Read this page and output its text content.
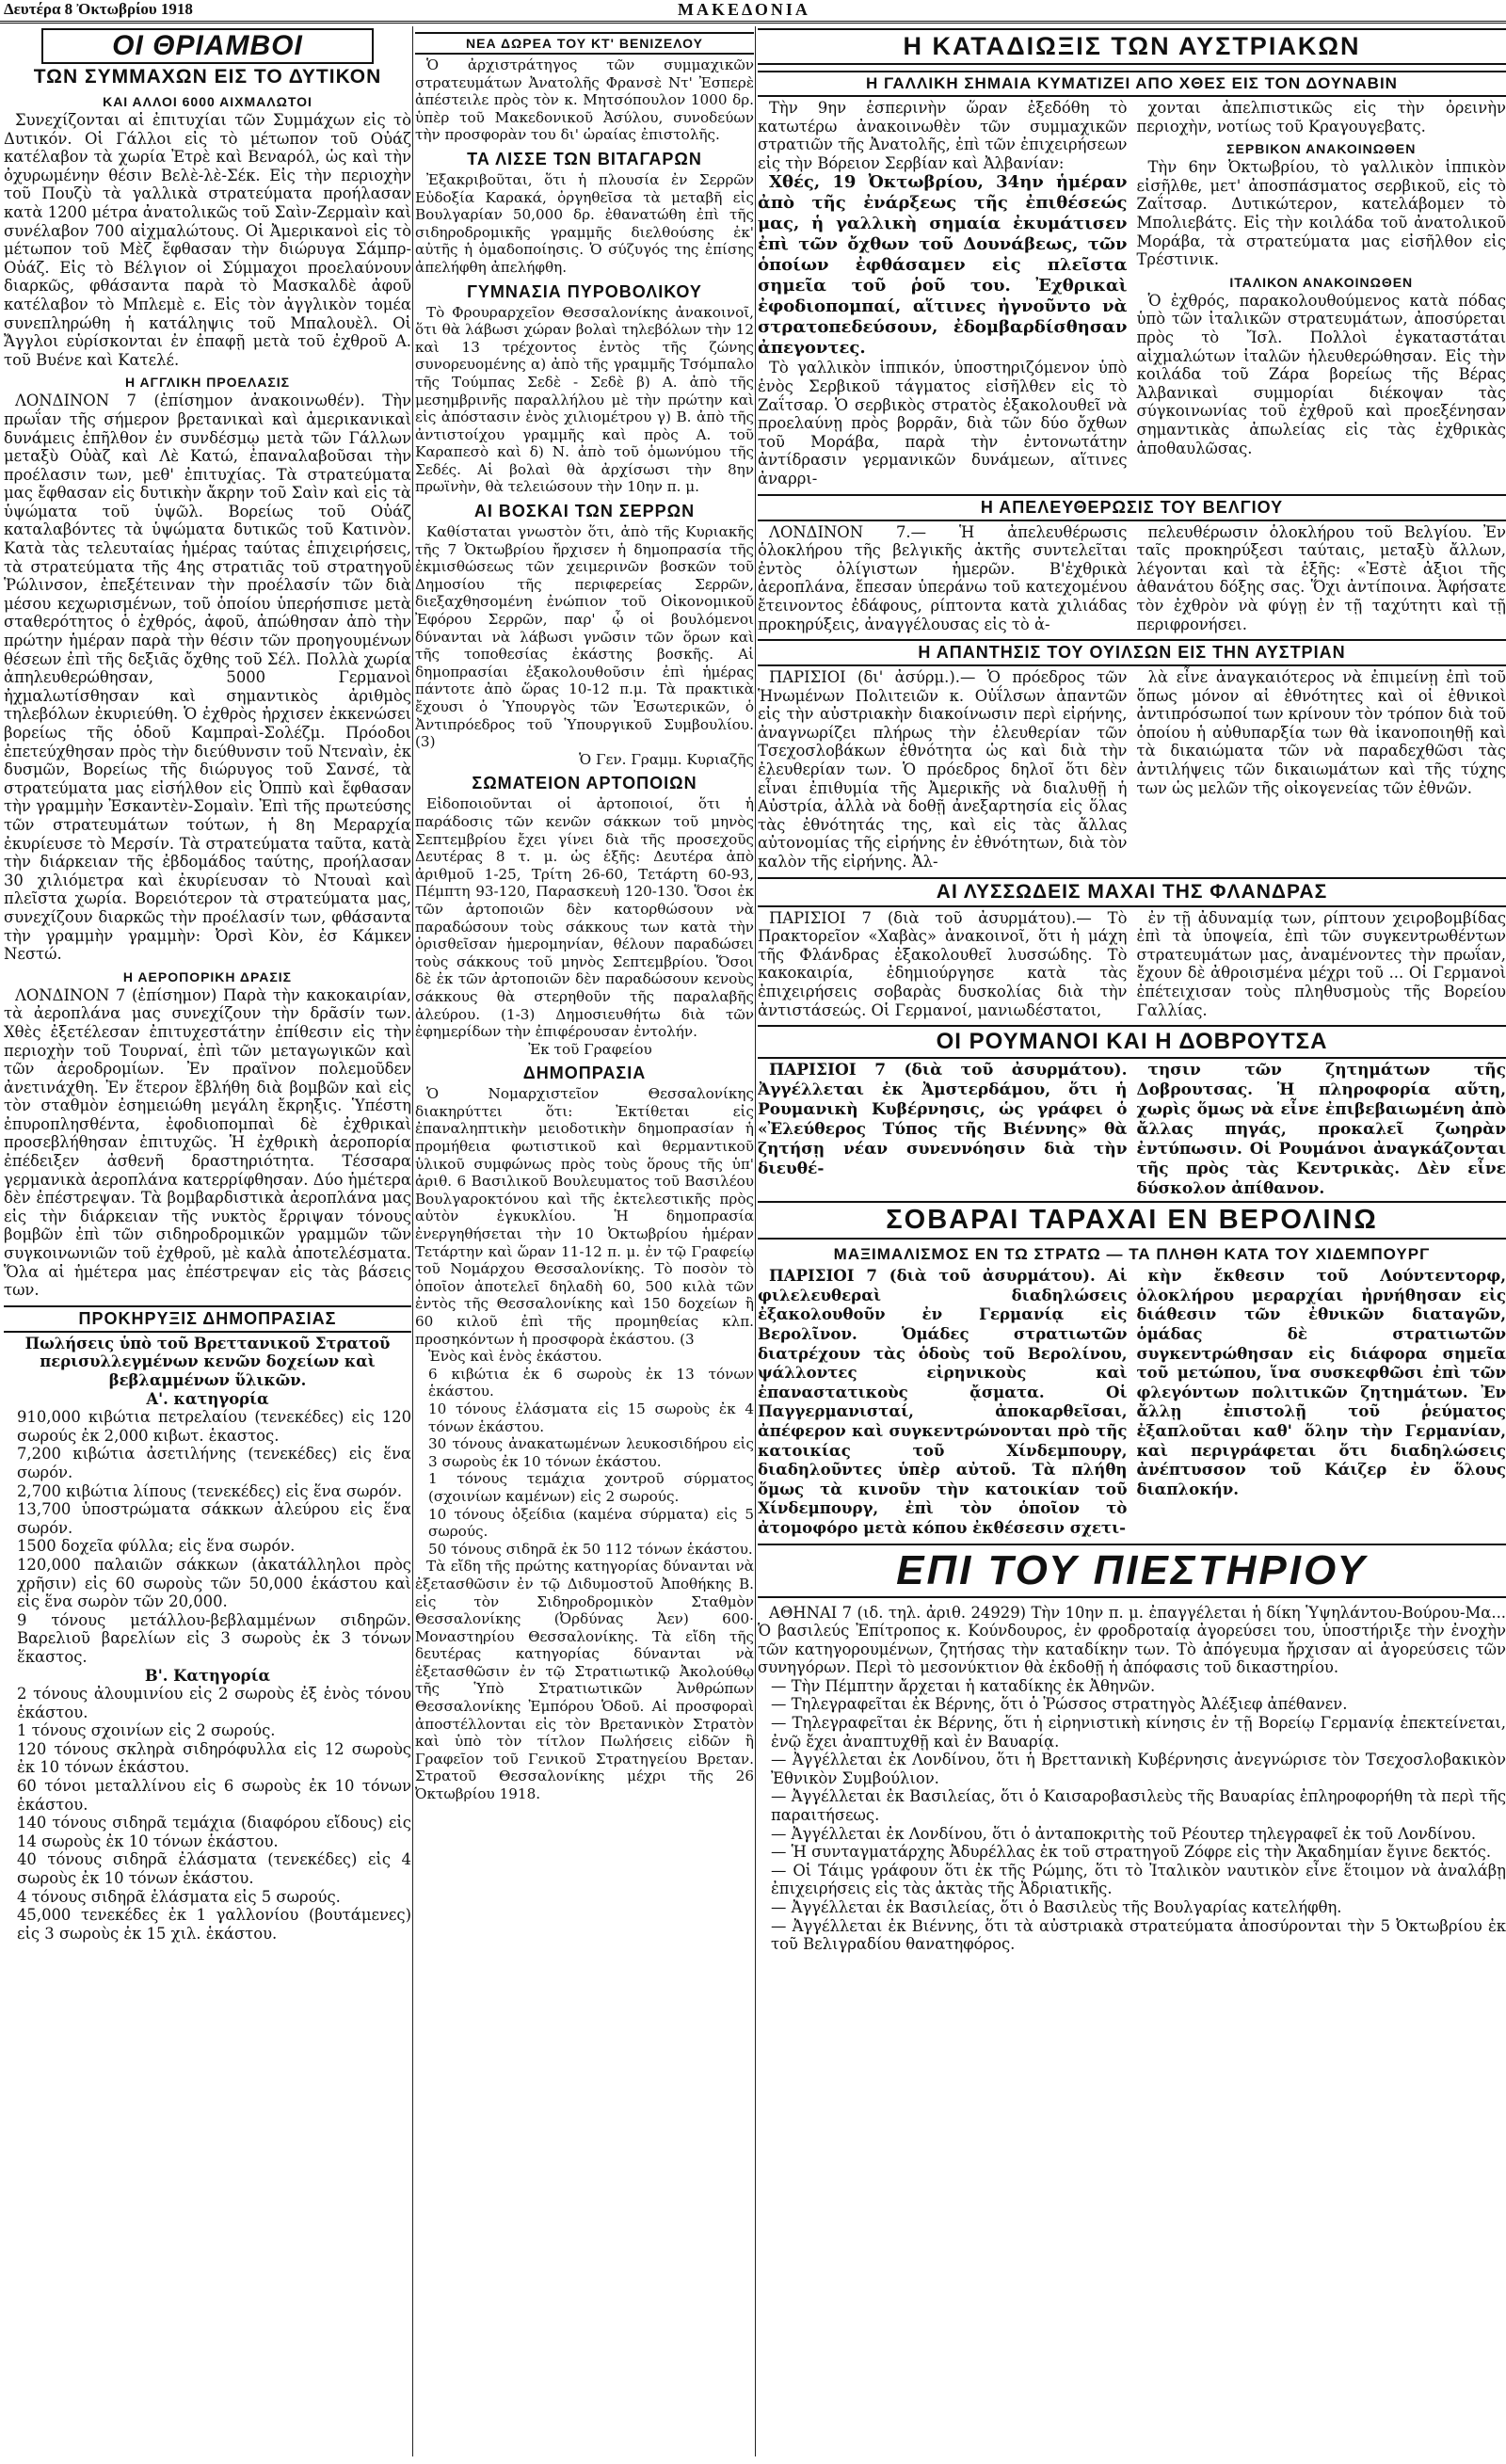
Δευτέρα 8 Ὀκτωβρίου 1918	ΜΑΚΕΔΟΝΙΑ
ΟΙ ΘΡΙΑΜΒΟΙ
ΤΩΝ ΣΥΜΜΑΧΩΝ ΕΙΣ ΤΟ ΔΥΤΙΚΟΝ
ΚΑΙ ΑΛΛΟΙ 6000 ΑΙΧΜΑΛΩΤΟΙ

Συνεχίζονται αἱ ἐπιτυχίαι τῶν Συμμάχων εἰς τὸ Δυτικόν. Οἱ Γάλλοι εἰς τὸ μέτωπον τοῦ Οὐάζ κατέλαβον τὰ χωρία Ἐτρὲ καὶ Βεναρόλ, ὡς καὶ τὴν ὀχυρωμένην θέσιν Βελὲ-λὲ-Σέκ. Εἰς τὴν περιοχὴν τοῦ Πουζὺ τὰ γαλλικὰ στρατεύματα προήλασαν κατὰ 1200 μέτρα ἀνατολικῶς τοῦ Σαὶν-Ζερμαὶν καὶ συνέλαβον 700 αἰχμαλώτους. Οἱ Ἀμερικανοὶ εἰς τὸ μέτωπον τοῦ Μὲζ ἔφθασαν τὴν διώρυγα Σάμπρ-Οὐάζ. Εἰς τὸ Βέλγιον οἱ Σύμμαχοι προελαύνουν διαρκῶς, φθάσαντα παρὰ τὸ Μασκαλδὲ ἀφοῦ κατέλαβον τὸ Μπλεμὲ ε. Εἰς τὸν ἀγγλικὸν τομέα συνεπληρώθη ἡ κατάληψις τοῦ Μπαλουὲλ. Οἱ Ἄγγλοι εὑρίσκονται ἐν ἐπαφῇ μετὰ τοῦ ἐχθροῦ Α. τοῦ Βυένε καὶ Κατελέ.

Η ΑΓΓΛΙΚΗ ΠΡΟΕΛΑΣΙΣ

ΛΟΝΔΙΝΟΝ 7 (ἐπίσημον ἀνακοινωθέν). Τὴν πρωΐαν τῆς σήμερον βρετανικαὶ καὶ ἀμερικανικαὶ δυνάμεις ἐπῆλθον ἐν συνδέσμῳ μετὰ τῶν Γάλλων μεταξὺ Οὐὰζ καὶ Λὲ Κατώ, ἐπαναλαβοῦσαι τὴν προέλασιν των, μεθ' ἐπιτυχίας. Τὰ στρατεύματα μας ἔφθασαν εἰς δυτικὴν ἄκρην τοῦ Σαὶν καὶ εἰς τὰ ὑψώματα τοῦ ὑψῶλ. Βορείως τοῦ Οὐάζ καταλαβόντες τὰ ὑψώματα δυτικῶς τοῦ Κατινὸν. Κατὰ τὰς τελευταίας ἡμέρας ταύτας ἐπιχειρήσεις, τὰ στρατεύματα τῆς 4ης στρατιᾶς τοῦ στρατηγοῦ Ῥώλινσον, ἐπεξέτειναν τὴν προέλασίν τῶν διὰ μέσου κεχωρισμένων, τοῦ ὁποίου ὑπερήσπισε μετὰ σταθερότητος ὁ ἐχθρός, ἀφοῦ, ἀπώθησαν ἀπὸ τὴν πρώτην ἡμέραν παρὰ τὴν θέσιν τῶν προηγουμένων θέσεων ἐπὶ τῆς δεξιᾶς ὄχθης τοῦ Σέλ. Πολλὰ χωρία ἀπηλευθερώθησαν, 5000 Γερμανοὶ ἠχμαλωτίσθησαν καὶ σημαντικὸς ἀριθμὸς τηλεβόλων ἐκυριεύθη. Ὁ ἐχθρὸς ἠρχισεν ἐκκενώσει βορείως τῆς ὁδοῦ Καμπραὶ-Σολέζμ. Πρόοδοι ἐπετεύχθησαν πρὸς τὴν διεύθυνσιν τοῦ Ντεναὶν, ἐκ δυσμῶν, Βορείως τῆς διώρυγος τοῦ Σανσέ, τὰ στρατεύματα μας εἰσήλθον εἰς Ὀππὺ καὶ ἔφθασαν τὴν γραμμὴν Ἐσκαντὲν-Σομαὶν. Ἐπὶ τῆς πρωτεύσης τῶν στρατευμάτων τούτων, ἡ 8η Μεραρχία ἐκυρίευσε τὸ Μερσίν. Τὰ στρατεύματα ταῦτα, κατὰ τὴν διάρκειαν τῆς ἐβδομάδος ταύτης, προήλασαν 30 χιλιόμετρα καὶ ἐκυρίευσαν τὸ Ντουαὶ καὶ πλεῖστα χωρία. Βορειότερον τὰ στρατεύματα μας, συνεχίζουν διαρκῶς τὴν προέλασίν των, φθάσαντα τὴν γραμμὴν γραμμὴν: Ὀρσὶ Κὸν, ἐσ Κάμκεν Νεστώ.

Η ΑΕΡΟΠΟΡΙΚΗ ΔΡΑΣΙΣ

ΛΟΝΔΙΝΟΝ 7 (ἐπίσημον) Παρὰ τὴν κακοκαιρίαν, τὰ ἀεροπλάνα μας συνεχίζουν τὴν δρᾶσίν των. Χθὲς ἐξετέλεσαν ἐπιτυχεστάτην ἐπίθεσιν εἰς τὴν περιοχὴν τοῦ Τουρναί, ἐπὶ τῶν μεταγωγικῶν καὶ τῶν ἀεροδρομίων. Ἐν πραϊνον πολεμοῦδεν ἀνετινάχθη. Ἐν ἕτερον ἔβλήθη διὰ βομβῶν καὶ εἰς τὸν σταθμὸν ἐσημειώθη μεγάλη ἔκρηξις. Ὑπέστη ἐπυροπλησθέντα, ἐφοδιοπομπαὶ δὲ ἐχθρικαὶ προσεβλήθησαν ἐπιτυχῶς. Ἡ ἐχθρικὴ ἀεροπορία ἐπέδειξεν ἀσθενῆ δραστηριότητα. Τέσσαρα γερμανικὰ ἀεροπλάνα κατερρίφθησαν. Δύο ἡμέτερα δὲν ἐπέστρεψαν. Τὰ βομβαρδιστικὰ ἀεροπλάνα μας εἰς τὴν διάρκειαν τῆς νυκτὸς ἔρριψαν τόνους βομβῶν ἐπὶ τῶν σιδηροδρομικῶν γραμμῶν τῶν συγκοινωνιῶν τοῦ ἐχθροῦ, μὲ καλὰ ἀποτελέσματα. Ὅλα αἱ ἡμέτερα μας ἐπέστρεψαν εἰς τὰς βάσεις των.

ΠΡΟΚΗΡΥΞΙΣ ΔΗΜΟΠΡΑΣΙΑΣ

Πωλήσεις ὑπὸ τοῦ Βρεττανικοῦ Στρατοῦ περισυλλεγμένων κενῶν δοχείων καὶ βεβλαμμένων ὕλικῶν.

Α'. κατηγορία

910,000 κιβώτια πετρελαίου (τενεκέδες) εἰς 120 σωρούς ἐκ 2,000 κιβωτ. ἑκαστος.

7,200 κιβώτια ἀσετιλήνης (τενεκέδες) εἰς ἕνα σωρόν.

2,700 κιβώτια λίπους (τενεκέδες) εἰς ἕνα σωρόν.

13,700 ὑποστρώματα σάκκων ἀλεύρου εἰς ἕνα σωρόν.

1500 δοχεῖα φύλλα; εἰς ἕνα σωρόν.

120,000 παλαιῶν σάκκων (ἀκατάλληλοι πρὸς χρῆσιν) εἰς 60 σωροὺς τῶν 50,000 ἑκάστου καὶ εἰς ἕνα σωρὸν τῶν 20,000.

9 τόνους μετάλλου-βεβλαμμένων σιδηρῶν. Βαρελιοῦ βαρελίων εἰς 3 σωροὺς ἐκ 3 τόνων ἕκαστος.

Β'. Κατηγορία

2 τόνους ἀλουμινίου εἰς 2 σωροὺς ἐξ ἑνὸς τόνου ἑκάστου.

1 τόνους σχοινίων εἰς 2 σωρούς.

120 τόνους σκληρὰ σιδηρόφυλλα εἰς 12 σωροὺς ἐκ 10 τόνων ἑκάστου.

60 τόνοι μεταλλίνου εἰς 6 σωροὺς ἐκ 10 τόνων ἑκάστου.

140 τόνους σιδηρᾶ τεμάχια (διαφόρου εἴδους) εἰς 14 σωροὺς ἐκ 10 τόνων ἑκάστου.

40 τόνους σιδηρᾶ ἐλάσματα (τενεκέδες) εἰς 4 σωροὺς ἐκ 10 τόνων ἑκάστου.

4 τόνους σιδηρᾶ ἐλάσματα εἰς 5 σωρούς.

45,000 τενεκέδες ἐκ 1 γαλλονίου (βουτάμενες) εἰς 3 σωροὺς ἐκ 15 χιλ. ἑκάστου.

ΝΕΑ ΔΩΡΕΑ ΤΟΥ ΚΤ' ΒΕΝΙΖΕΛΟΥ

Ὁ ἀρχιστράτηγος τῶν συμμαχικῶν στρατευμάτων Ἀνατολῆς Φρανσὲ Ντ' Ἐσπερὲ ἀπέστειλε πρὸς τὸν κ. Μητσόπουλον 1000 δρ. ὑπὲρ τοῦ Μακεδονικοῦ Ἀσύλου, συνοδεύων τὴν προσφορὰν του δι' ὡραίας ἐπιστολῆς.

ΤΑ ΛΙΣΣΕ ΤΩΝ ΒΙΤΑΓΑΡΩΝ

Ἐξακριβοῦται, ὅτι ἡ πλουσία ἐν Σερρῶν Εὐδοξία Καρακά, ὀργηθεῖσα τὰ μεταβῆ εἰς Βουλγαρίαν 50,000 δρ. ἐθανατώθη ἐπὶ τῆς σιδηροδρομικῆς γραμμῆς διελθούσης ἐκ' αὐτῆς ἡ ὁμαδοποίησις. Ὁ σύζυγός της ἐπίσης ἀπελήφθη ἀπελήφθη.

ΓΥΜΝΑΣΙΑ ΠΥΡΟΒΟΛΙΚΟΥ

Τὸ Φρουραρχεῖον Θεσσαλονίκης ἀνακοινοῖ, ὅτι θὰ λάβωσι χώραν βολαὶ τηλεβόλων τὴν 12 καὶ 13 τρέχοντος ἐντὸς τῆς ζώνης συνορευομένης α) ἀπὸ τῆς γραμμῆς Τσόμπαλο τῆς Τούμπας Σεδὲ - Σεδὲ β) Α. ἀπὸ τῆς μεσημβρινῆς παραλλήλου μὲ τὴν πρώτην καὶ εἰς ἀπόστασιν ἐνὸς χιλιομέτρου γ) Β. ἀπὸ τῆς ἀντιστοίχου γραμμῆς καὶ πρὸς Α. τοῦ Καραπεσὸ καὶ δ) Ν. ἀπὸ τοῦ ὁμωνύμου τῆς Σεδές. Αἱ βολαὶ θὰ ἀρχίσωσι τὴν 8ην πρωϊνὴν, θὰ τελειώσουν τὴν 10ην π. μ.

ΑΙ ΒΟΣΚΑΙ ΤΩΝ ΣΕΡΡΩΝ

Καθίσταται γνωστὸν ὅτι, ἀπὸ τῆς Κυριακῆς τῆς 7 Ὀκτωβρίου ἤρχισεν ἡ δημοπρασία τῆς ἐκμισθώσεως τῶν χειμερινῶν βοσκῶν τοῦ Δημοσίου τῆς περιφερείας Σερρῶν, διεξαχθησομένη ἐνώπιον τοῦ Οἰκονομικοῦ Ἐφόρου Σερρῶν, παρ' ᾧ οἱ βουλόμενοι δύνανται νὰ λάβωσι γνῶσιν τῶν ὅρων καὶ τῆς τοποθεσίας ἐκάστης βοσκῆς. Αἱ δημοπρασίαι ἐξακολουθοῦσιν ἐπὶ ἡμέρας πάντοτε ἀπὸ ὥρας 10-12 π.μ. Τὰ πρακτικὰ ἔχουσι ὁ Ὑπουργὸς τῶν Ἐσωτερικῶν, ὁ Ἀντιπρόεδρος τοῦ Ὑπουργικοῦ Συμβουλίου. (3)

Ὁ Γεν. Γραμμ. Κυριαζῆς

ΣΩΜΑΤΕΙΟΝ ΑΡΤΟΠΟΙΩΝ

Εἰδοποιοῦνται οἱ ἀρτοποιοί, ὅτι ἡ παράδοσις τῶν κενῶν σάκκων τοῦ μηνὸς Σεπτεμβρίου ἔχει γίνει διὰ τῆς προσεχοῦς Δευτέρας 8 τ. μ. ὡς ἑξῆς: Δευτέρα ἀπὸ ἀριθμοῦ 1-25, Τρίτη 26-60, Τετάρτη 60-93, Πέμπτη 93-120, Παρασκευὴ 120-130. Ὅσοι ἐκ τῶν ἀρτοποιῶν δὲν κατορθώσουν νὰ παραδώσουν τοὺς σάκκους των κατὰ τὴν ὁρισθεῖσαν ἡμερομηνίαν, θέλουν παραδώσει τοὺς σάκκους τοῦ μηνὸς Σεπτεμβρίου. Ὅσοι δὲ ἐκ τῶν ἀρτοποιῶν δὲν παραδώσουν κενοὺς σάκκους θὰ στερηθοῦν τῆς παραλαβῆς ἀλεύρου. (1-3) Δημοσιευθήτω διὰ τῶν ἐφημερίδων τὴν ἐπιφέρουσαν ἐντολήν.

Ἐκ τοῦ Γραφείου

ΔΗΜΟΠΡΑΣΙΑ

Ὁ Νομαρχιστεῖον Θεσσαλονίκης διακηρύττει ὅτι: Ἐκτίθεται εἰς ἐπαναληπτικὴν μειοδοτικὴν δημοπρασίαν ἡ προμήθεια φωτιστικοῦ καὶ θερμαντικοῦ ὑλικοῦ συμφώνως πρὸς τοὺς ὅρους τῆς ὑπ' ἀριθ. 6 Βασιλικοῦ Βουλευματος τοῦ Βασιλέου Βουλγαροκτόνου καὶ τῆς ἐκτελεστικῆς πρὸς αὐτὸν ἐγκυκλίου. Ἡ δημοπρασία ἐνεργηθήσεται τὴν 10 Ὀκτωβρίου ἡμέραν Τετάρτην καὶ ὥραν 11-12 π. μ. ἐν τῷ Γραφείῳ τοῦ Νομάρχου Θεσσαλονίκης. Τὸ ποσὸν τὸ ὁποῖον ἀποτελεῖ δηλαδὴ 60, 500 κιλὰ τῶν ἐντὸς τῆς Θεσσαλονίκης καὶ 150 δοχείων ἢ 60 κιλοῦ ἐπὶ τῆς προμηθείας κλπ. προσηκόντων ἡ προσφορὰ ἑκάστου. (3

Ἑνὸς καὶ ἑνὸς ἑκάστου.

6 κιβώτια ἐκ 6 σωροὺς ἐκ 13 τόνων ἑκάστου.

10 τόνους ἐλάσματα εἰς 15 σωροὺς ἐκ 4 τόνων ἑκάστου.

30 τόνους ἀνακατωμένων λευκοσιδήρου εἰς 3 σωροὺς ἐκ 10 τόνων ἑκάστου.

1 τόνους τεμάχια χοντροῦ σύρματος (σχοινίων καμένων) εἰς 2 σωρούς.

10 τόνους ὀξείδια (καμένα σύρματα) εἰς 5 σωρούς.

50 τόνους σιδηρᾶ ἐκ 50 112 τόνων ἑκάστου.

Τὰ εἴδη τῆς πρώτης κατηγορίας δύνανται νὰ ἐξετασθῶσιν ἐν τῷ Διδυμοστοῦ Ἀποθήκης Β. εἰς τὸν Σιδηροδρομικὸν Σταθμὸν Θεσσαλονίκης (Ὀρδύνας Ἀεν) 600· Μοναστηρίου Θεσσαλονίκης. Τὰ εἴδη τῆς δευτέρας κατηγορίας δύνανται νὰ ἐξετασθῶσιν ἐν τῷ Στρατιωτικῷ Ἀκολούθῳ τῆς Ὑπὸ Στρατιωτικῶν Ἀνθρώπων Θεσσαλονίκης Ἐμπόρου Ὁδοῦ. Αἱ προσφοραὶ ἀποστέλλονται εἰς τὸν Βρετανικὸν Στρατὸν καὶ ὑπὸ τὸν τίτλον Πωλήσεις εἰδῶν ἢ Γραφεῖον τοῦ Γενικοῦ Στρατηγείου Βρεταν. Στρατοῦ Θεσσαλονίκης μέχρι τῆς 26 Ὀκτωβρίου 1918.

Η ΚΑΤΑΔΙΩΞΙΣ ΤΩΝ ΑΥΣΤΡΙΑΚΩΝ
Η ΓΑΛΛΙΚΗ ΣΗΜΑΙΑ ΚΥΜΑΤΙΖΕΙ ΑΠΟ ΧΘΕΣ ΕΙΣ ΤΟΝ ΔΟΥΝΑΒΙΝ

Τὴν 9ην ἑσπερινὴν ὥραν ἐξεδόθη τὸ κατωτέρω ἀνακοινωθὲν τῶν συμμαχικῶν στρατιῶν τῆς Ἀνατολῆς, ἐπὶ τῶν ἐπιχειρήσεων εἰς τὴν Βόρειον Σερβίαν καὶ Ἀλβανίαν:

Χθές, 19 Ὀκτωβρίου, 34ην ἡμέραν ἀπὸ τῆς ἐνάρξεως τῆς ἐπιθέσεώς μας, ἡ γαλλικὴ σημαία ἐκυμάτισεν ἐπὶ τῶν ὄχθων τοῦ Δουνάβεως, τῶν ὁποίων ἐφθάσαμεν εἰς πλεῖστα σημεῖα τοῦ ῥοῦ του. Ἐχθρικαὶ ἐφοδιοπομπαί, αἵτινες ἠγνοῦντο νὰ στρατοπεδεύσουν, ἐδομβαρδίσθησαν ἀπεγοντες.

Τὸ γαλλικὸν ἱππικόν, ὑποστηριζόμενον ὑπὸ ἑνὸς Σερβικοῦ τάγματος εἰσῆλθεν εἰς τὸ Ζαΐτσαρ. Ὁ σερβικὸς στρατὸς ἐξακολουθεῖ νὰ προελαύνῃ πρὸς βορρᾶν, διὰ τῶν δύο ὄχθων τοῦ Μοράβα, παρὰ τὴν ἐντονωτάτην ἀντίδρασιν γερμανικῶν δυνάμεων, αἵτινες ἀναρρι-

χονται ἀπελπιστικῶς εἰς τὴν ὀρεινὴν περιοχὴν, νοτίως τοῦ Κραγουγεβατς.

ΣΕΡΒΙΚΟΝ ΑΝΑΚΟΙΝΩΘΕΝ

Τὴν 6ην Ὀκτωβρίου, τὸ γαλλικὸν ἱππικὸν εἰσῆλθε, μετ' ἀποσπάσματος σερβικοῦ, εἰς τὸ Ζαΐτσαρ. Δυτικώτερον, κατελάβομεν τὸ Μπολιεβάτς. Εἰς τὴν κοιλάδα τοῦ ἀνατολικοῦ Μοράβα, τὰ στρατεύματα μας εἰσῆλθον εἰς Τρέστινικ.

ΙΤΑΛΙΚΟΝ ΑΝΑΚΟΙΝΩΘΕΝ

Ὁ ἐχθρός, παρακολουθούμενος κατὰ πόδας ὑπὸ τῶν ἰταλικῶν στρατευμάτων, ἀποσύρεται πρὸς τὸ Ἴσλ. Πολλοὶ ἐγκαταστάται αἰχμαλώτων ἰταλῶν ἠλευθερώθησαν. Εἰς τὴν κοιλάδα τοῦ Ζάρα βορείως τῆς Βέρας Ἀλβανικαὶ συμμορίαι διέκοψαν τὰς σύγκοινωνίας τοῦ ἐχθροῦ καὶ προεξένησαν σημαντικὰς ἀπωλείας εἰς τὰς ἐχθρικὰς ἀποθαυλῶσας.

Η ΑΠΕΛΕΥΘΕΡΩΣΙΣ ΤΟΥ ΒΕΛΓΙΟΥ

ΛΟΝΔΙΝΟΝ 7.— Ἡ ἀπελευθέρωσις ὁλοκλήρου τῆς βελγικῆς ἀκτῆς συντελεῖται ἐντὸς ὀλίγιστων ἡμερῶν. Β'ἐχθρικὰ ἀεροπλάνα, ἔπεσαν ὑπεράνω τοῦ κατεχομένου ἔτεινοντος ἐδάφους, ρίπτοντα κατὰ χιλιάδας προκηρύξεις, ἀναγγέλουσας εἰς τὸ ἀ-

πελευθέρωσιν ὁλοκλήρου τοῦ Βελγίου. Ἐν ταῖς προκηρύξεσι ταύταις, μεταξὺ ἄλλων, λέγονται καὶ τὰ ἑξῆς: «Ἐστὲ ἀξιοι τῆς ἀθανάτου δόξης σας. Ὅχι ἀντίποινα. Ἀφήσατε τὸν ἐχθρὸν νὰ φύγῃ ἐν τῇ ταχύτητι καὶ τῇ περιφρονήσει.

Η ΑΠΑΝΤΗΣΙΣ ΤΟΥ ΟΥΙΛΣΩΝ ΕΙΣ ΤΗΝ ΑΥΣΤΡΙΑΝ

ΠΑΡΙΣΙΟΙ (δι' ἀσύρμ.).— Ὁ πρόεδρος τῶν Ἡνωμένων Πολιτειῶν κ. Οὐΐλσων ἀπαντῶν εἰς τὴν αὐστριακὴν διακοίνωσιν περὶ εἰρήνης, ἀναγνωρίζει πλήρως τὴν ἐλευθερίαν τῶν Τσεχοσλοβάκων ἐθνότητα ὡς καὶ διὰ τὴν ἐλευθερίαν των. Ὁ πρόεδρος δηλοῖ ὅτι δὲν εἶναι ἐπιθυμία τῆς Ἀμερικῆς νὰ διαλυθῇ ἡ Αὐστρία, ἀλλὰ νὰ δοθῇ ἀνεξαρτησία εἰς ὅλας τὰς ἐθνότητάς της, καὶ εἰς τὰς ἄλλας αὐτονομίας τῆς εἰρήνης ἐν ἐθνότητων, διὰ τὸν καλὸν τῆς εἰρήνης. Ἀλ-

λὰ εἶνε ἀναγκαιότερος νὰ ἐπιμείνῃ ἐπὶ τοῦ ὅπως μόνον αἱ ἐθνότητες καὶ οἱ ἐθνικοὶ ἀντιπρόσωποί των κρίνουν τὸν τρόπον διὰ τοῦ ὁποίου ἡ αὐθυπαρξία των θὰ ἱκανοποιηθῇ καὶ τὰ δικαιώματα τῶν νὰ παραδεχθῶσι τὰς ἀντιλήψεις τῶν δικαιωμάτων καὶ τῆς τύχης των ὡς μελῶν τῆς οἰκογενείας τῶν ἐθνῶν.

ΑΙ ΛΥΣΣΩΔΕΙΣ ΜΑΧΑΙ ΤΗΣ ΦΛΑΝΔΡΑΣ

ΠΑΡΙΣΙΟΙ 7 (διὰ τοῦ ἀσυρμάτου).— Τὸ Πρακτορεῖον «Χαβὰς» ἀνακοινοῖ, ὅτι ἡ μάχη τῆς Φλάνδρας ἐξακολουθεῖ λυσσώδης. Τὸ κακοκαιρία, ἐδημιούργησε κατὰ τὰς ἐπιχειρήσεις σοβαρὰς δυσκολίας διὰ τὴν ἀντιστάσεώς. Οἱ Γερμανοί, μανιωδέστατοι,

ἐν τῇ ἀδυναμίᾳ των, ρίπτουν χειροβομβίδας ἐπὶ τὰ ὑποψεία, ἐπὶ τῶν συγκεντρωθέντων στρατευμάτων μας, ἀναμένοντες τὴν πρωΐαν, ἔχουν δὲ ἀθροισμένα μέχρι τοῦ ... Οἱ Γερμανοὶ ἐπέτειχισαν τοὺς πληθυσμοὺς τῆς Βορείου Γαλλίας.

ΟΙ ΡΟΥΜΑΝΟΙ ΚΑΙ Η ΔΟΒΡΟΥΤΣΑ

ΠΑΡΙΣΙΟΙ 7 (διὰ τοῦ ἀσυρμάτου). Ἀγγέλλεται ἐκ Ἀμστερδάμου, ὅτι ἡ Ρουμανικὴ Κυβέρνησις, ὡς γράφει ὁ «Ἐλεύθερος Τύπος τῆς Βιέννης» θὰ ζητήσῃ νέαν συνεννόησιν διὰ τὴν διευθέ-

τησιν τῶν ζητημάτων τῆς Δοβρουτσας. Ἡ πληροφορία αὕτη, χωρὶς ὅμως νὰ εἶνε ἐπιβεβαιωμένη ἀπὸ ἄλλας πηγάς, προκαλεῖ ζωηρὰν ἐντύπωσιν. Οἱ Ρουμάνοι ἀναγκάζονται τῆς πρὸς τὰς Κεντρικὰς. Δὲν εἶνε δύσκολον ἀπίθανον.

ΣΟΒΑΡΑΙ ΤΑΡΑΧΑΙ ΕΝ ΒΕΡΟΛΙΝΩ
ΜΑΞΙΜΑΛΙΣΜΟΣ ΕΝ ΤΩ ΣΤΡΑΤΩ — ΤΑ ΠΛΗΘΗ ΚΑΤΑ ΤΟΥ ΧΙΔΕΜΠΟΥΡΓ

ΠΑΡΙΣΙΟΙ 7 (διὰ τοῦ ἀσυρμάτου). Αἱ φιλελευθεραὶ διαδηλώσεις ἐξακολουθοῦν ἐν Γερμανίᾳ εἰς Βερολῖνον. Ὁμάδες στρατιωτῶν διατρέχουν τὰς ὁδοὺς τοῦ Βερολίνου, ψάλλοντες εἰρηνικοὺς καὶ ἐπαναστατικοὺς ᾄσματα. Οἱ Παγγερμανισταί, ἀποκαρθεῖσαι, ἀπέφερον καὶ συγκεντρώνονται πρὸ τῆς κατοικίας τοῦ Χίνδεμπουργ, διαδηλοῦντες ὑπὲρ αὐτοῦ. Τὰ πλήθη ὅμως τὰ κινοῦν τὴν κατοικίαν τοῦ Χίνδεμπουργ, ἐπὶ τὸν ὁποῖον τὸ ἀτομοφόρο μετὰ κόπου ἐκθέσεσιν σχετι-

κὴν ἔκθεσιν τοῦ Λούντεντορφ, ὁλοκλήρου μεραρχίαι ἠρνήθησαν εἰς διάθεσιν τῶν ἐθνικῶν διαταγῶν, ὁμάδας δὲ στρατιωτῶν συγκεντρώθησαν εἰς διάφορα σημεῖα τοῦ μετώπου, ἵνα συσκεφθῶσι ἐπὶ τῶν φλεγόντων πολιτικῶν ζητημάτων. Ἐν ἄλλῃ ἐπιστολῇ τοῦ ῥεύματος ἐξαπλοῦται καθ' ὅλην τὴν Γερμανίαν, καὶ περιγράφεται ὅτι διαδηλώσεις ἀνέπτυσσον τοῦ Κάιζερ ἐν ὅλους διαπλοκήν.

ΕΠΙ ΤΟΥ ΠΙΕΣΤΗΡΙΟΥ

ΑΘΗΝΑΙ 7 (ιδ. τηλ. ἀριθ. 24929) Τὴν 10ην π. μ. ἐπαγγέλεται ἡ δίκη Ὑψηλάντου-Βούρου-Μα... Ὁ βασιλεύς Ἐπίτροπος κ. Κούνδουρος, ἐν φροδροταίᾳ ἀγορεύσει του, ὑποστήριξε τὴν ἐνοχὴν τῶν κατηγορουμένων, ζητήσας τὴν καταδίκην των. Τὸ ἀπόγευμα ἤρχισαν αἱ ἀγορεύσεις τῶν συνηγόρων. Περὶ τὸ μεσονύκτιον θὰ ἐκδοθῇ ἡ ἀπόφασις τοῦ δικαστηρίου.

— Τὴν Πέμπτην ἄρχεται ἡ καταδίκης ἐκ Ἀθηνῶν.

— Τηλεγραφεῖται ἐκ Βέρνης, ὅτι ὁ Ῥώσσος στρατηγὸς Ἀλέξιεφ ἀπέθανεν.

— Τηλεγραφεῖται ἐκ Βέρνης, ὅτι ἡ εἰρηνιστικὴ κίνησις ἐν τῇ Βορείῳ Γερμανίᾳ ἐπεκτείνεται, ἐνῷ ἔχει ἀναπτυχθῇ καὶ ἐν Βαυαρίᾳ.

— Ἀγγέλλεται ἐκ Λονδίνου, ὅτι ἡ Βρεττανικὴ Κυβέρνησις ἀνεγνώρισε τὸν Τσεχοσλοβακικὸν Ἐθνικὸν Συμβούλιον.

— Ἀγγέλλεται ἐκ Βασιλείας, ὅτι ὁ Καισαροβασιλεὺς τῆς Βαυαρίας ἐπληροφορήθη τὰ περὶ τῆς παραιτήσεως.

— Ἀγγέλλεται ἐκ Λονδίνου, ὅτι ὁ ἀνταποκριτὴς τοῦ Ρέουτερ τηλεγραφεῖ ἐκ τοῦ Λονδίνου.

— Ἡ συνταγματάρχης Ἀδυρέλλας ἐκ τοῦ στρατηγοῦ Ζόφρε εἰς τὴν Ἀκαδημίαν ἔγινε δεκτός.

— Οἱ Τάιμς γράφουν ὅτι ἐκ τῆς Ρώμης, ὅτι τὸ Ἰταλικὸν ναυτικὸν εἶνε ἕτοιμον νὰ ἀναλάβῃ ἐπιχειρήσεις εἰς τὰς ἀκτὰς τῆς Ἀδριατικῆς.

— Ἀγγέλλεται ἐκ Βασιλείας, ὅτι ὁ Βασιλεὺς τῆς Βουλγαρίας κατελήφθη.

— Ἀγγέλλεται ἐκ Βιέννης, ὅτι τὰ αὐστριακὰ στρατεύματα ἀποσύρονται τὴν 5 Ὀκτωβρίου ἐκ τοῦ Βελιγραδίου θανατηφόρος.
